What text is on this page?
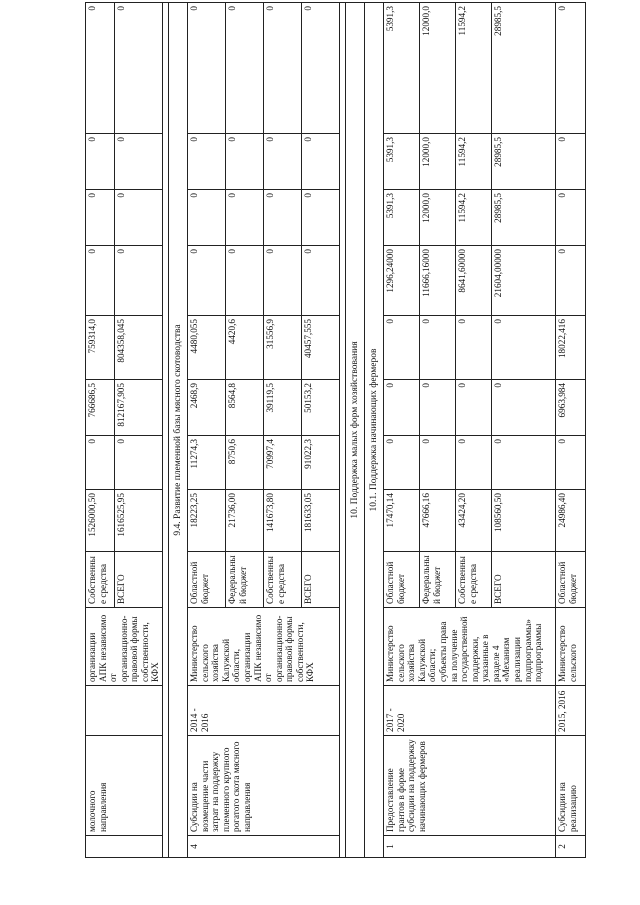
	молочного направления		организации АПК независимо от организационно-правовой формы собственности, КФХ	Собственные средства	1526000,50	0	766686,5	759314,0	0	0	0	0
				ВСЕГО	1616525,95	0	812167,905	804358,045	0	0	0	0

9.4. Развитие племенной базы мясного скотоводства												
4	Субсидии на возмещение части затрат на поддержку племенного крупного рогатого скота мясного направления	2014 - 2016	Министерство сельского хозяйства Калужской области, организации АПК независимо от организационно-правовой формы собственности, КФХ	Областной бюджет	18223,25	11274,3	2468,9	4480,055	0	0	0	0
				Федеральный бюджет	21736,00	8750,6	8564,8	4420,6	0	0	0	0
				Собственные средства	141673,80	70997,4	39119,5	31556,9	0	0	0	0
				ВСЕГО	181633,05	91022,3	50153,2	40457,555	0	0	0	0

10. Поддержка малых форм хозяйствования												
10.1. Поддержка начинающих фермеров												
1	Предоставление грантов в форме субсидии на поддержку начинающих фермеров	2017 - 2020	Министерство сельского хозяйства Калужской области; субъекты права на получение государственной поддержки, указанные в разделе 4 «Механизм реализации подпрограммы» подпрограммы	Областной бюджет	17470,14	0	0	0	1296,24000	5391,3	5391,3	5391,3
				Федеральный бюджет	47666,16	0	0	0	11666,16000	12000,0	12000,0	12000,0
				Собственные средства	43424,20	0	0	0	8641,60000	11594,2	11594,2	11594,2
				ВСЕГО	108560,50	0	0	0	21604,00000	28985,5	28985,5	28985,5
2	Субсидии на реализацию	2015, 2016	Министерство сельского	Областной бюджет	24986,40	0	6963,984	18022,416	0	0	0	0
